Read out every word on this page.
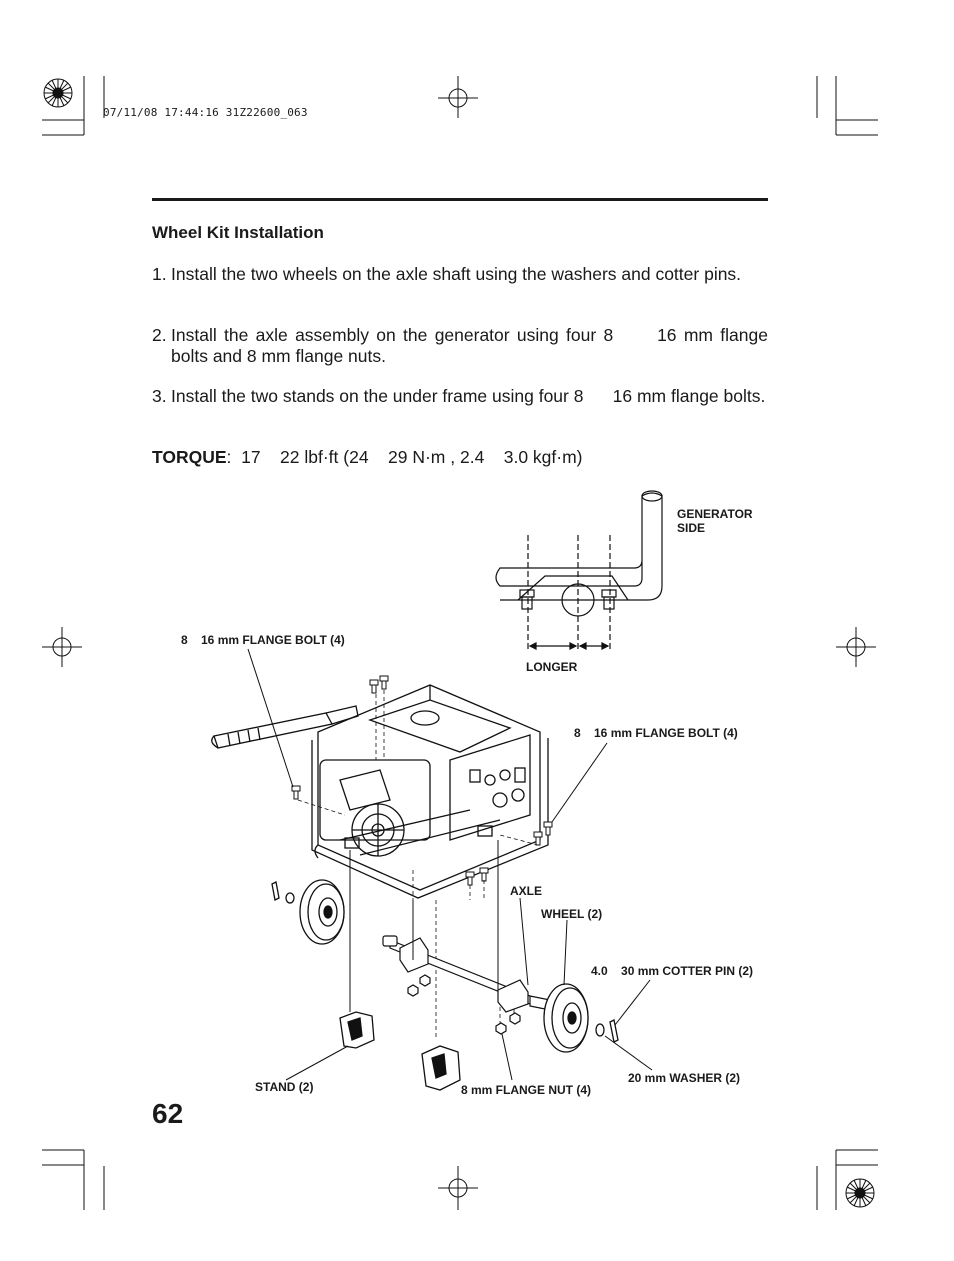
07/11/08 17:44:16 31Z22600_063
Wheel Kit Installation
1. Install the two wheels on the axle shaft using the washers and cotter pins.
2. Install the axle assembly on the generator using four 8      16 mm flange bolts and 8 mm flange nuts.
3. Install the two stands on the under frame using four 8      16 mm flange bolts.
TORQUE:  17    22 lbf·ft (24    29 N·m , 2.4    3.0 kgf·m)
GENERATOR SIDE
LONGER
8    16 mm FLANGE BOLT (4)
8    16 mm FLANGE BOLT (4)
AXLE
WHEEL (2)
4.0    30 mm COTTER PIN (2)
20 mm WASHER (2)
STAND (2)	8 mm FLANGE NUT (4)
62
